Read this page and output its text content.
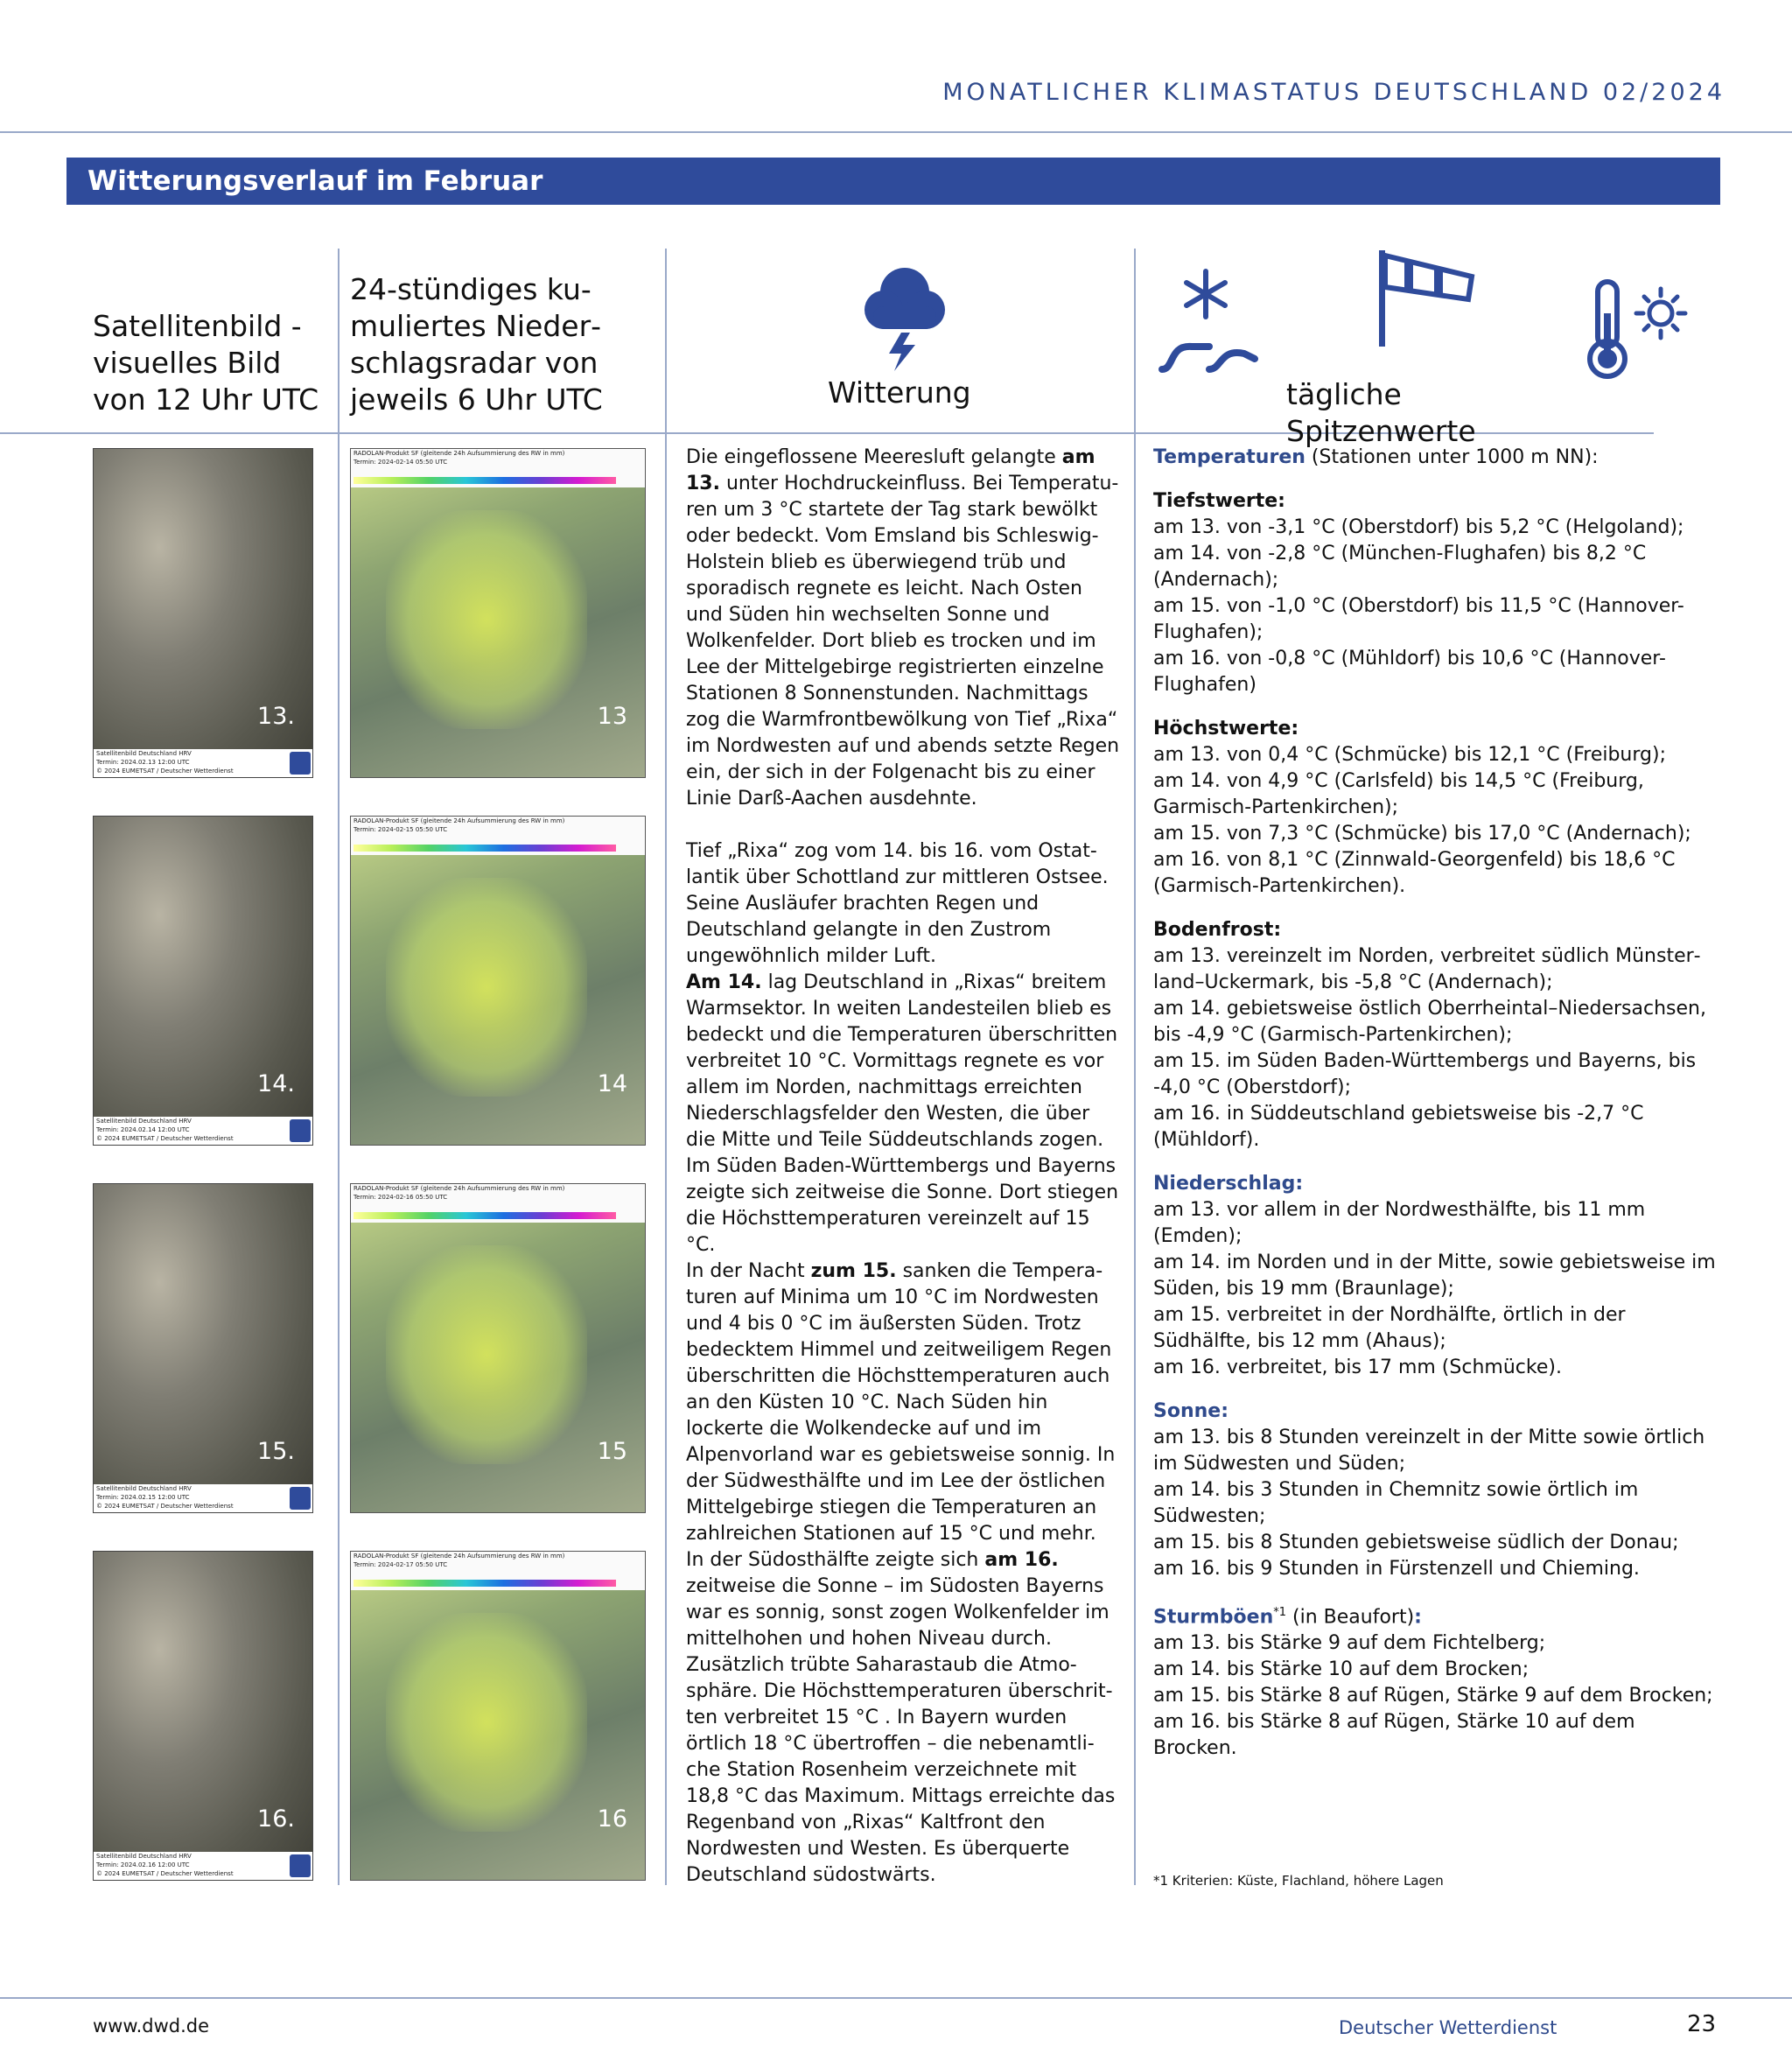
MONATLICHER KLIMASTATUS DEUTSCHLAND 02/2024
Witterungsverlauf im Februar
Satellitenbild - visuelles Bild von 12 Uhr UTC
24-stündiges kumuliertes Niederschlagsradar von jeweils 6 Uhr UTC	Witterung	tägliche Spitzenwerte
13.
Satellitenbild Deutschland HRV
Termin: 2024.02.13 12:00 UTC
© 2024 EUMETSAT / Deutscher Wetterdienst
14.
Satellitenbild Deutschland HRV
Termin: 2024.02.14 12:00 UTC
© 2024 EUMETSAT / Deutscher Wetterdienst
15.
Satellitenbild Deutschland HRV
Termin: 2024.02.15 12:00 UTC
© 2024 EUMETSAT / Deutscher Wetterdienst
16.
Satellitenbild Deutschland HRV
Termin: 2024.02.16 12:00 UTC
© 2024 EUMETSAT / Deutscher Wetterdienst
RADOLAN-Produkt SF (gleitende 24h Aufsummierung des RW in mm)
Termin: 2024-02-14 05:50 UTC
13
RADOLAN-Produkt SF (gleitende 24h Aufsummierung des RW in mm)
Termin: 2024-02-15 05:50 UTC
14
RADOLAN-Produkt SF (gleitende 24h Aufsummierung des RW in mm)
Termin: 2024-02-16 05:50 UTC
15
RADOLAN-Produkt SF (gleitende 24h Aufsummierung des RW in mm)
Termin: 2024-02-17 05:50 UTC
16

Die eingeflossene Meeresluft gelangte am 13. unter Hochdruckeinfluss. Bei Temperaturen um 3 °C startete der Tag stark bewölkt oder bedeckt. Vom Emsland bis Schleswig-Holstein blieb es überwiegend trüb und sporadisch regnete es leicht. Nach Osten und Süden hin wechselten Sonne und Wolkenfelder. Dort blieb es trocken und im Lee der Mittelgebirge registrierten einzelne Stationen 8 Sonnenstunden. Nachmittags zog die Warmfrontbewölkung von Tief „Rixa“ im Nordwesten auf und abends setzte Regen ein, der sich in der Folgenacht bis zu einer Linie Darß-Aachen ausdehnte.

Tief „Rixa“ zog vom 14. bis 16. vom Ostatlantik über Schottland zur mittleren Ostsee. Seine Ausläufer brachten Regen und Deutschland gelangte in den Zustrom ungewöhnlich milder Luft.

Am 14. lag Deutschland in „Rixas“ breitem Warmsektor. In weiten Landesteilen blieb es bedeckt und die Temperaturen überschritten verbreitet 10 °C. Vormittags regnete es vor allem im Norden, nachmittags erreichten Niederschlagsfelder den Westen, die über die Mitte und Teile Süddeutschlands zogen. Im Süden Baden-Württembergs und Bayerns zeigte sich zeitweise die Sonne. Dort stiegen die Höchsttemperaturen vereinzelt auf 15 °C.

In der Nacht zum 15. sanken die Temperaturen auf Minima um 10 °C im Nordwesten und 4 bis 0 °C im äußersten Süden. Trotz bedecktem Himmel und zeitweiligem Regen überschritten die Höchsttemperaturen auch an den Küsten 10 °C. Nach Süden hin lockerte die Wolkendecke auf und im Alpenvorland war es gebietsweise sonnig. In der Südwesthälfte und im Lee der östlichen Mittelgebirge stiegen die Temperaturen an zahlreichen Stationen auf 15 °C und mehr.

In der Südosthälfte zeigte sich am 16. zeitweise die Sonne – im Südosten Bayerns war es sonnig, sonst zogen Wolkenfelder im mittelhohen und hohen Niveau durch. Zusätzlich trübte Saharastaub die Atmosphäre. Die Höchsttemperaturen überschritten verbreitet 15 °C . In Bayern wurden örtlich 18 °C übertroffen – die nebenamtliche Station Rosenheim verzeichnete mit 18,8 °C das Maximum. Mittags erreichte das Regenband von „Rixas“ Kaltfront den Nordwesten und Westen. Es überquerte Deutschland südostwärts.

Temperaturen (Stationen unter 1000 m NN):

Tiefstwerte:

am 13. von -3,1 °C (Oberstdorf) bis 5,2 °C (Helgoland);

am 14. von -2,8 °C (München-Flughafen) bis 8,2 °C (Andernach);

am 15. von -1,0 °C (Oberstdorf) bis 11,5 °C (Hannover-Flughafen);

am 16. von -0,8 °C (Mühldorf) bis 10,6 °C (Hannover-Flughafen)

Höchstwerte:

am 13. von 0,4 °C (Schmücke) bis 12,1 °C (Freiburg);

am 14. von 4,9 °C (Carlsfeld) bis 14,5 °C (Freiburg, Garmisch-Partenkirchen);

am 15. von 7,3 °C (Schmücke) bis 17,0 °C (Andernach);

am 16. von 8,1 °C (Zinnwald-Georgenfeld) bis 18,6 °C (Garmisch-Partenkirchen).

Bodenfrost:

am 13. vereinzelt im Norden, verbreitet südlich Münsterland–Uckermark, bis -5,8 °C (Andernach);

am 14. gebietsweise östlich Oberrheintal–Niedersachsen, bis -4,9 °C (Garmisch-Partenkirchen);

am 15. im Süden Baden-Württembergs und Bayerns, bis -4,0 °C (Oberstdorf);

am 16. in Süddeutschland gebietsweise bis -2,7 °C (Mühldorf).

Niederschlag:

am 13. vor allem in der Nordwesthälfte, bis 11 mm (Emden);

am 14. im Norden und in der Mitte, sowie gebietsweise im Süden, bis 19 mm (Braunlage);

am 15. verbreitet in der Nordhälfte, örtlich in der Südhälfte, bis 12 mm (Ahaus);

am 16. verbreitet, bis 17 mm (Schmücke).

Sonne:

am 13. bis 8 Stunden vereinzelt in der Mitte sowie örtlich im Südwesten und Süden;

am 14. bis 3 Stunden in Chemnitz sowie örtlich im Südwesten;

am 15. bis 8 Stunden gebietsweise südlich der Donau;

am 16. bis 9 Stunden in Fürstenzell und Chieming.

Sturmböen$^{*1}$ (in Beaufort):

am 13. bis Stärke 9 auf dem Fichtelberg;

am 14. bis Stärke 10 auf dem Brocken;

am 15. bis Stärke 8 auf Rügen, Stärke 9 auf dem Brocken;

am 16. bis Stärke 8 auf Rügen, Stärke 10 auf dem Brocken.

*1 Kriterien: Küste, Flachland, höhere Lagen
www.dwd.de	Deutscher Wetterdienst	23
